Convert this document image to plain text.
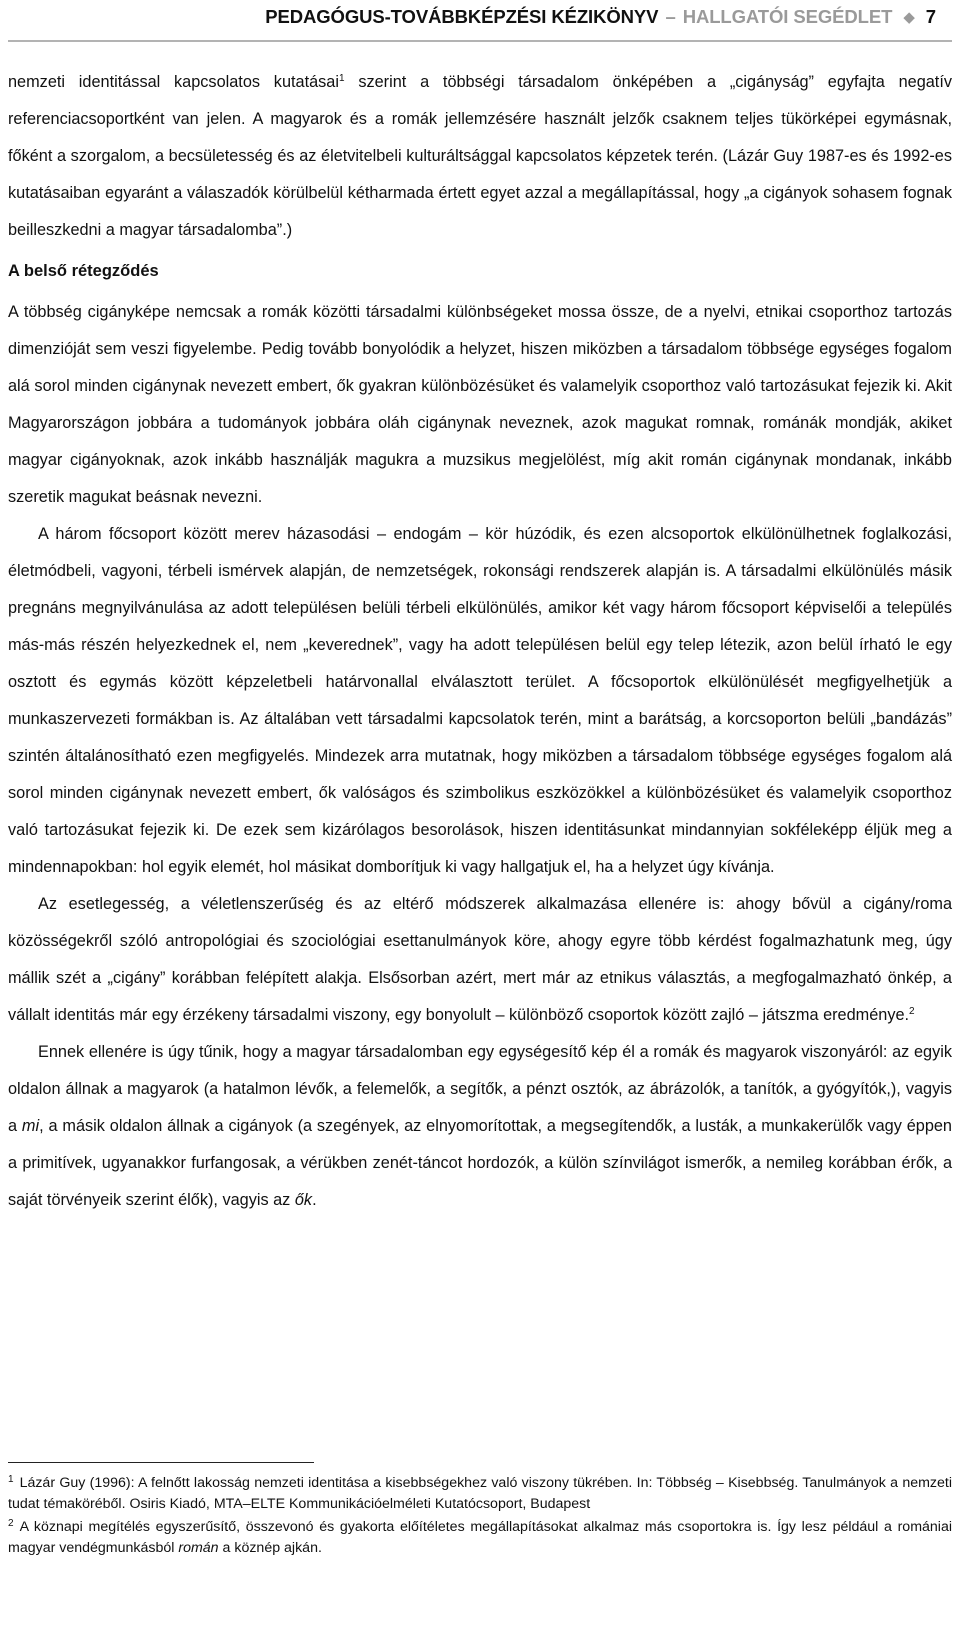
PEDAGÓGUS-TOVÁBBKÉPZÉSI KÉZIKÖNYV – HALLGATÓI SEGÉDLET ◆ 7

nemzeti identitással kapcsolatos kutatásai$^1$ szerint a többségi társadalom önképében a „cigányság” egyfajta negatív referenciacsoportként van jelen. A magyarok és a romák jellemzésére használt jelzők csaknem teljes tükörképei egymásnak, főként a szorgalom, a becsületesség és az életvitelbeli kulturáltsággal kapcsolatos képzetek terén. (Lázár Guy 1987-es és 1992-es kutatásaiban egyaránt a válaszadók körülbelül kétharmada értett egyet azzal a megállapítással, hogy „a cigányok sohasem fognak beilleszkedni a magyar társadalomba”.)

A belső rétegződés

A többség cigányképe nemcsak a romák közötti társadalmi különbségeket mossa össze, de a nyelvi, etnikai csoporthoz tartozás dimenzióját sem veszi figyelembe. Pedig tovább bonyolódik a helyzet, hiszen miközben a társadalom többsége egységes fogalom alá sorol minden cigánynak nevezett embert, ők gyakran különbözésüket és valamelyik csoporthoz való tartozásukat fejezik ki. Akit Magyarországon jobbára a tudományok jobbára oláh cigánynak neveznek, azok magukat romnak, románák mondják, akiket magyar cigányoknak, azok inkább használják magukra a muzsikus megjelölést, míg akit román cigánynak mondanak, inkább szeretik magukat beásnak nevezni.

A három főcsoport között merev házasodási – endogám – kör húzódik, és ezen alcsoportok elkülönülhetnek foglalkozási, életmódbeli, vagyoni, térbeli ismérvek alapján, de nemzetségek, rokonsági rendszerek alapján is. A társadalmi elkülönülés másik pregnáns megnyilvánulása az adott településen belüli térbeli elkülönülés, amikor két vagy három főcsoport képviselői a település más-más részén helyezkednek el, nem „keverednek”, vagy ha adott településen belül egy telep létezik, azon belül írható le egy osztott és egymás között képzeletbeli határvonallal elválasztott terület. A főcsoportok elkülönülését megfigyelhetjük a munkaszervezeti formákban is. Az általában vett társadalmi kapcsolatok terén, mint a barátság, a korcsoporton belüli „bandázás” szintén általánosítható ezen megfigyelés. Mindezek arra mutatnak, hogy miközben a társadalom többsége egységes fogalom alá sorol minden cigánynak nevezett embert, ők valóságos és szimbolikus eszközökkel a különbözésüket és valamelyik csoporthoz való tartozásukat fejezik ki. De ezek sem kizárólagos besorolások, hiszen identitásunkat mindannyian sokféleképp éljük meg a mindennapokban: hol egyik elemét, hol másikat domborítjuk ki vagy hallgatjuk el, ha a helyzet úgy kívánja.

Az esetlegesség, a véletlenszerűség és az eltérő módszerek alkalmazása ellenére is: ahogy bővül a cigány/roma közösségekről szóló antropológiai és szociológiai esettanulmányok köre, ahogy egyre több kérdést fogalmazhatunk meg, úgy mállik szét a „cigány” korábban felépített alakja. Elsősorban azért, mert már az etnikus választás, a megfogalmazható önkép, a vállalt identitás már egy érzékeny társadalmi viszony, egy bonyolult – különböző csoportok között zajló – játszma eredménye.$^2$

Ennek ellenére is úgy tűnik, hogy a magyar társadalomban egy egységesítő kép él a romák és magyarok viszonyáról: az egyik oldalon állnak a magyarok (a hatalmon lévők, a felemelők, a segítők, a pénzt osztók, az ábrázolók, a tanítók, a gyógyítók,), vagyis a mi, a másik oldalon állnak a cigányok (a szegények, az elnyomorítottak, a megsegítendők, a lusták, a munkakerülők vagy éppen a primitívek, ugyanakkor furfangosak, a vérükben zenét-táncot hordozók, a külön színvilágot ismerők, a nemileg korábban érők, a saját törvényeik szerint élők), vagyis az ők.

$^1$ Lázár Guy (1996): A felnőtt lakosság nemzeti identitása a kisebbségekhez való viszony tükrében. In: Többség – Kisebbség. Tanulmányok a nemzeti tudat témaköréből. Osiris Kiadó, MTA–ELTE Kommunikációelméleti Kutatócsoport, Budapest

$^2$ A köznapi megítélés egyszerűsítő, összevonó és gyakorta előítéletes megállapításokat alkalmaz más csoportokra is. Így lesz például a romániai magyar vendégmunkásból román a köznép ajkán.
